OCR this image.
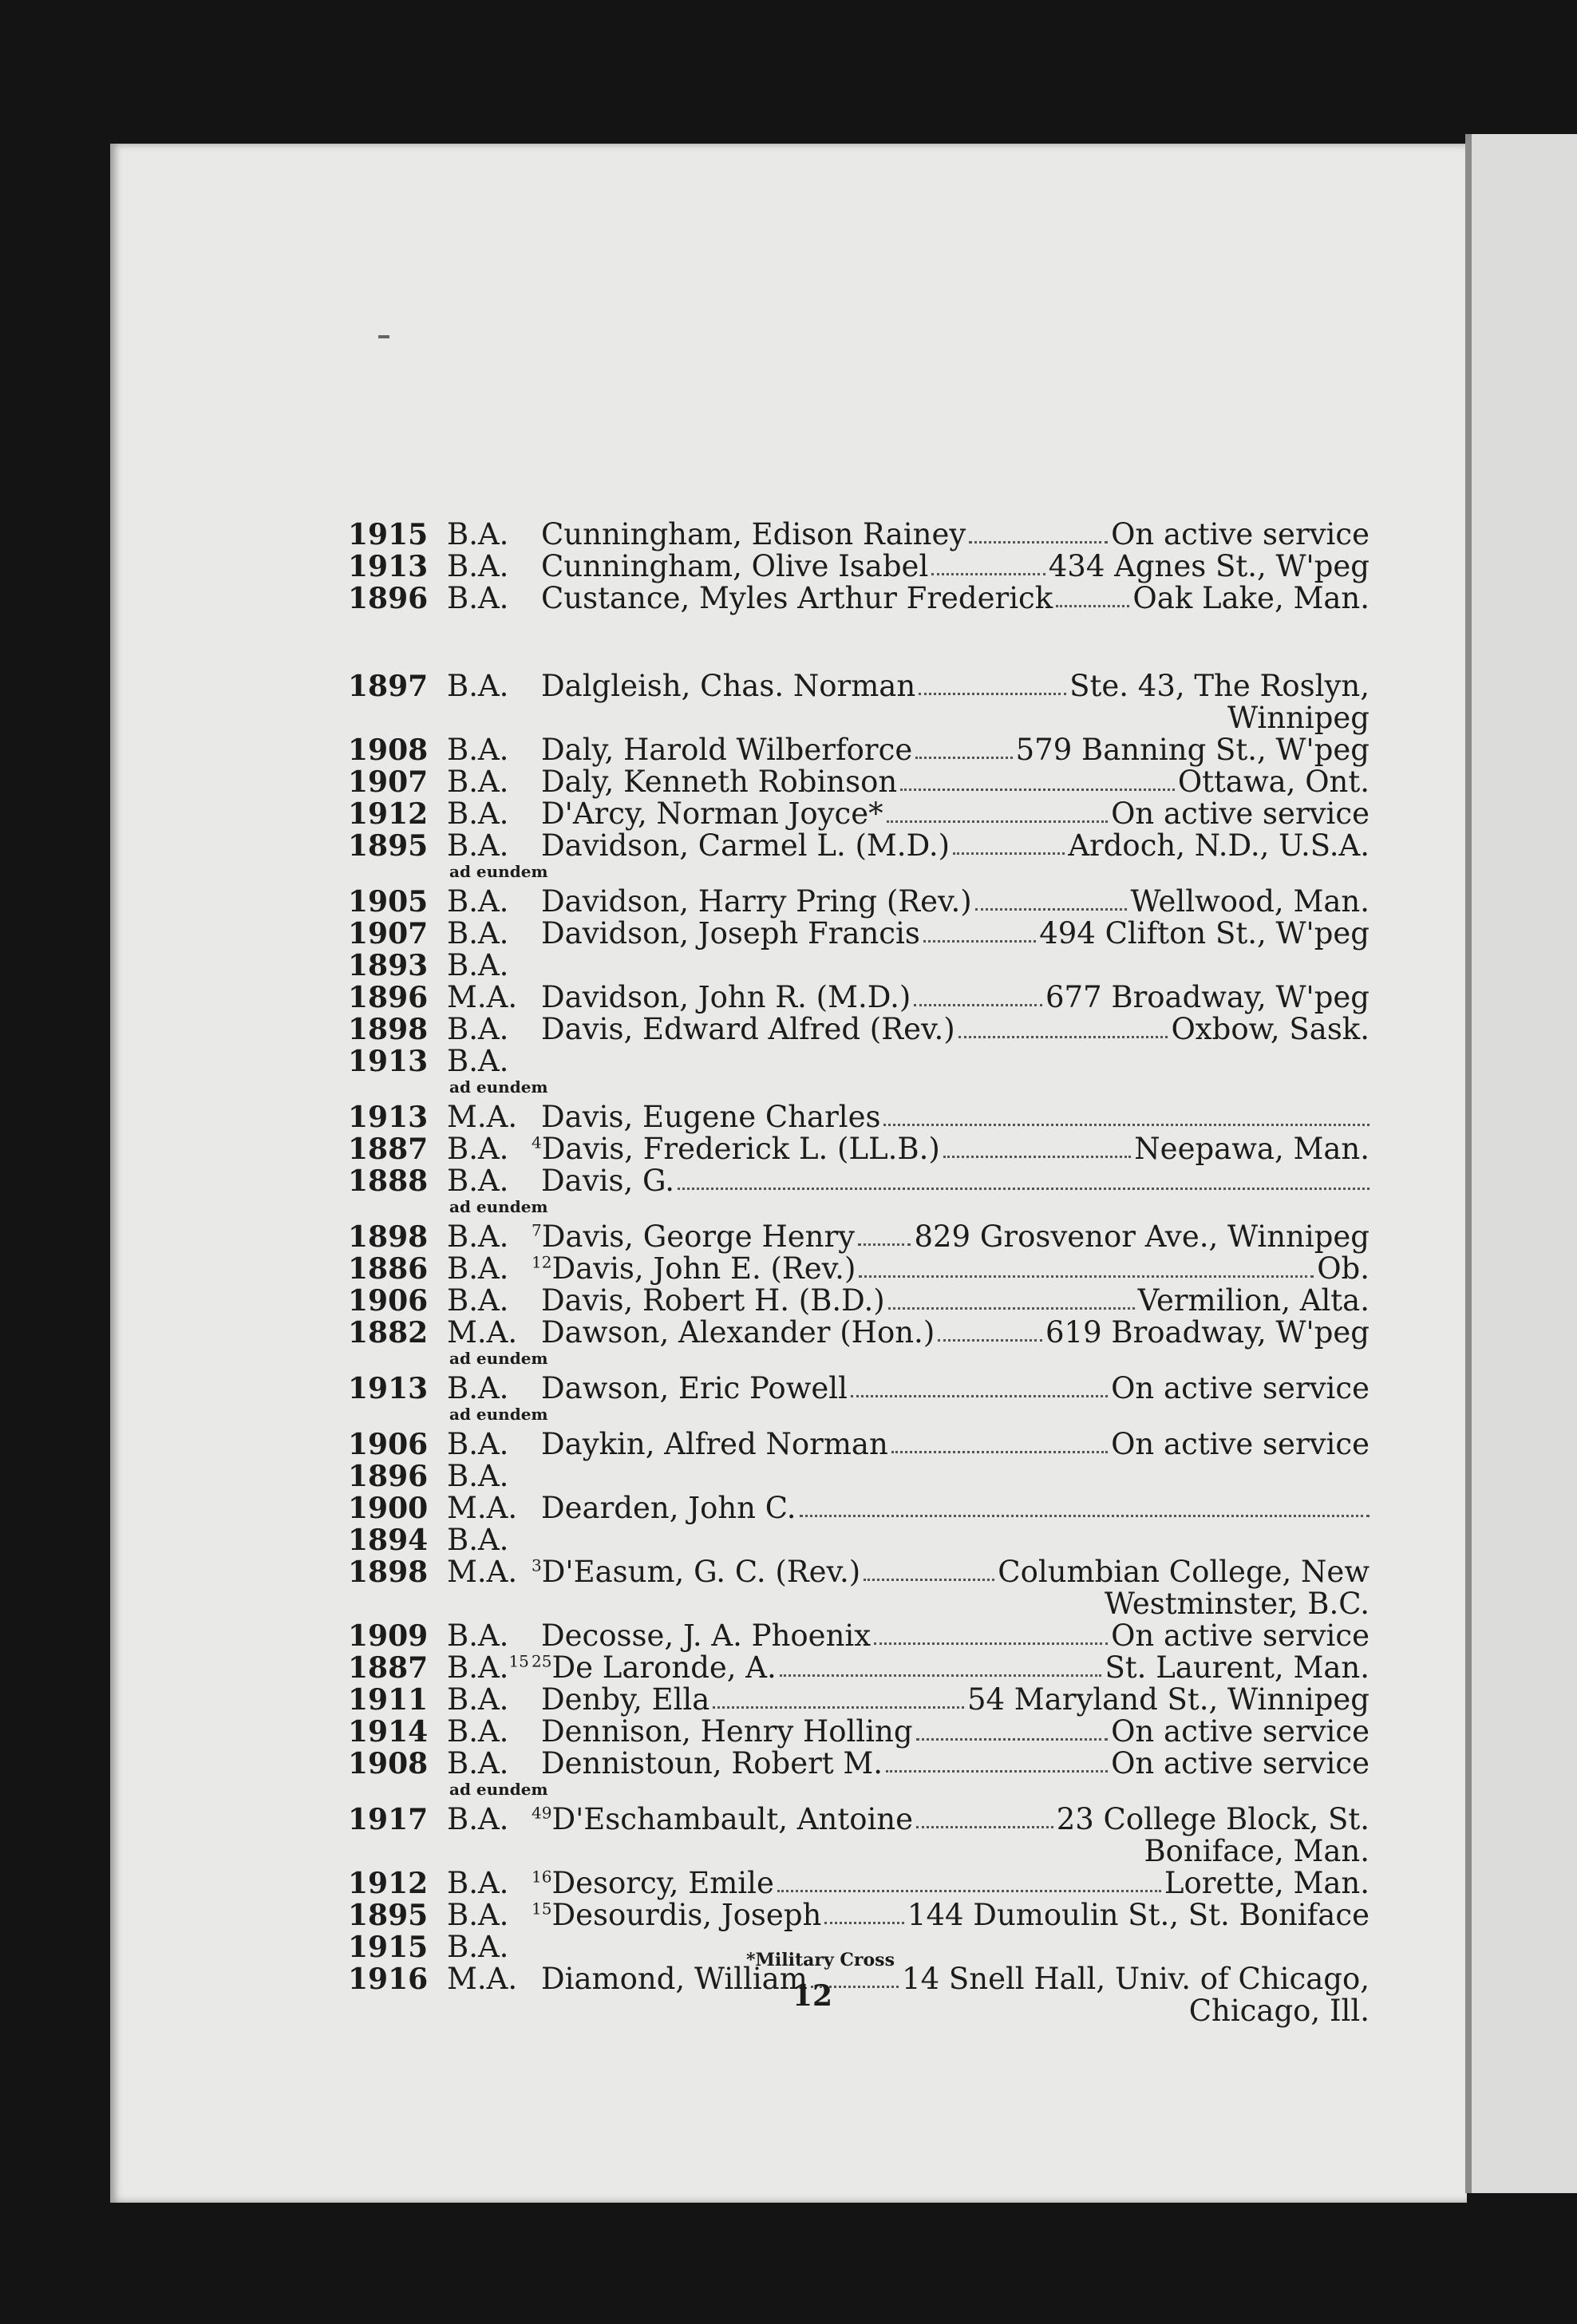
1915 B.A.	Cunningham, Edison Rainey	On active service
1913 B.A.	Cunningham, Olive Isabel	434 Agnes St., W'peg
1896 B.A.	Custance, Myles Arthur Frederick	Oak Lake, Man.
1897 B.A.	Dalgleish, Chas. Norman	Ste. 43, The Roslyn,
Winnipeg
1908 B.A.	Daly, Harold Wilberforce	579 Banning St., W'peg
1907 B.A.	Daly, Kenneth Robinson	Ottawa, Ont.
1912 B.A.	D'Arcy, Norman Joyce*	On active service
1895 B.A.	Davidson, Carmel L. (M.D.)	Ardoch, N.D., U.S.A.
ad eundem
1905 B.A.	Davidson, Harry Pring (Rev.)	Wellwood, Man.
1907 B.A.	Davidson, Joseph Francis	494 Clifton St., W'peg
1893 B.A.
1896 M.A. Davidson, John R. (M.D.)	677 Broadway, W'peg
1898 B.A.	Davis, Edward Alfred (Rev.)	Oxbow, Sask.
1913 B.A.
ad eundem
1913 M.A. Davis, Eugene Charles
1887 B.A.	$^4$Davis, Frederick L. (LL.B.)	Neepawa, Man.
1888 B.A.	Davis, G.
ad eundem
1898 B.A.	$^7$Davis, George Henry 829 Grosvenor Ave., Winnipeg
1886 B.A.	$^{12}$Davis, John E. (Rev.)	Ob.
1906 B.A.	Davis, Robert H. (B.D.)	Vermilion, Alta.
1882 M.A. Dawson, Alexander (Hon.)	619 Broadway, W'peg
ad eundem
1913 B.A.	Dawson, Eric Powell	On active service
ad eundem
1906 B.A.	Daykin, Alfred Norman	On active service
1896 B.A.
1900 M.A. Dearden, John C.
1894 B.A.
1898 M.A. $^3$D'Easum, G. C. (Rev.)	Columbian College, New
Westminster, B.C.
1909 B.A.	Decosse, J. A. Phoenix	On active service
1887 B.A.$^{15}$ $^{25}$De Laronde, A.	St. Laurent, Man.
1911 B.A.	Denby, Ella	54 Maryland St., Winnipeg
1914 B.A.	Dennison, Henry Holling	On active service
1908 B.A.	Dennistoun, Robert M.	On active service
ad eundem
1917 B.A.	$^{49}$D'Eschambault, Antoine	23 College Block, St.
Boniface, Man.
1912 B.A.	$^{16}$Desorcy, Emile	Lorette, Man.
1895 B.A.	$^{15}$Desourdis, Joseph	144 Dumoulin St., St. Boniface
1915 B.A.
1916 M.A. Diamond, William	14 Snell Hall, Univ. of Chicago,
Chicago, Ill.
*Military Cross
12
